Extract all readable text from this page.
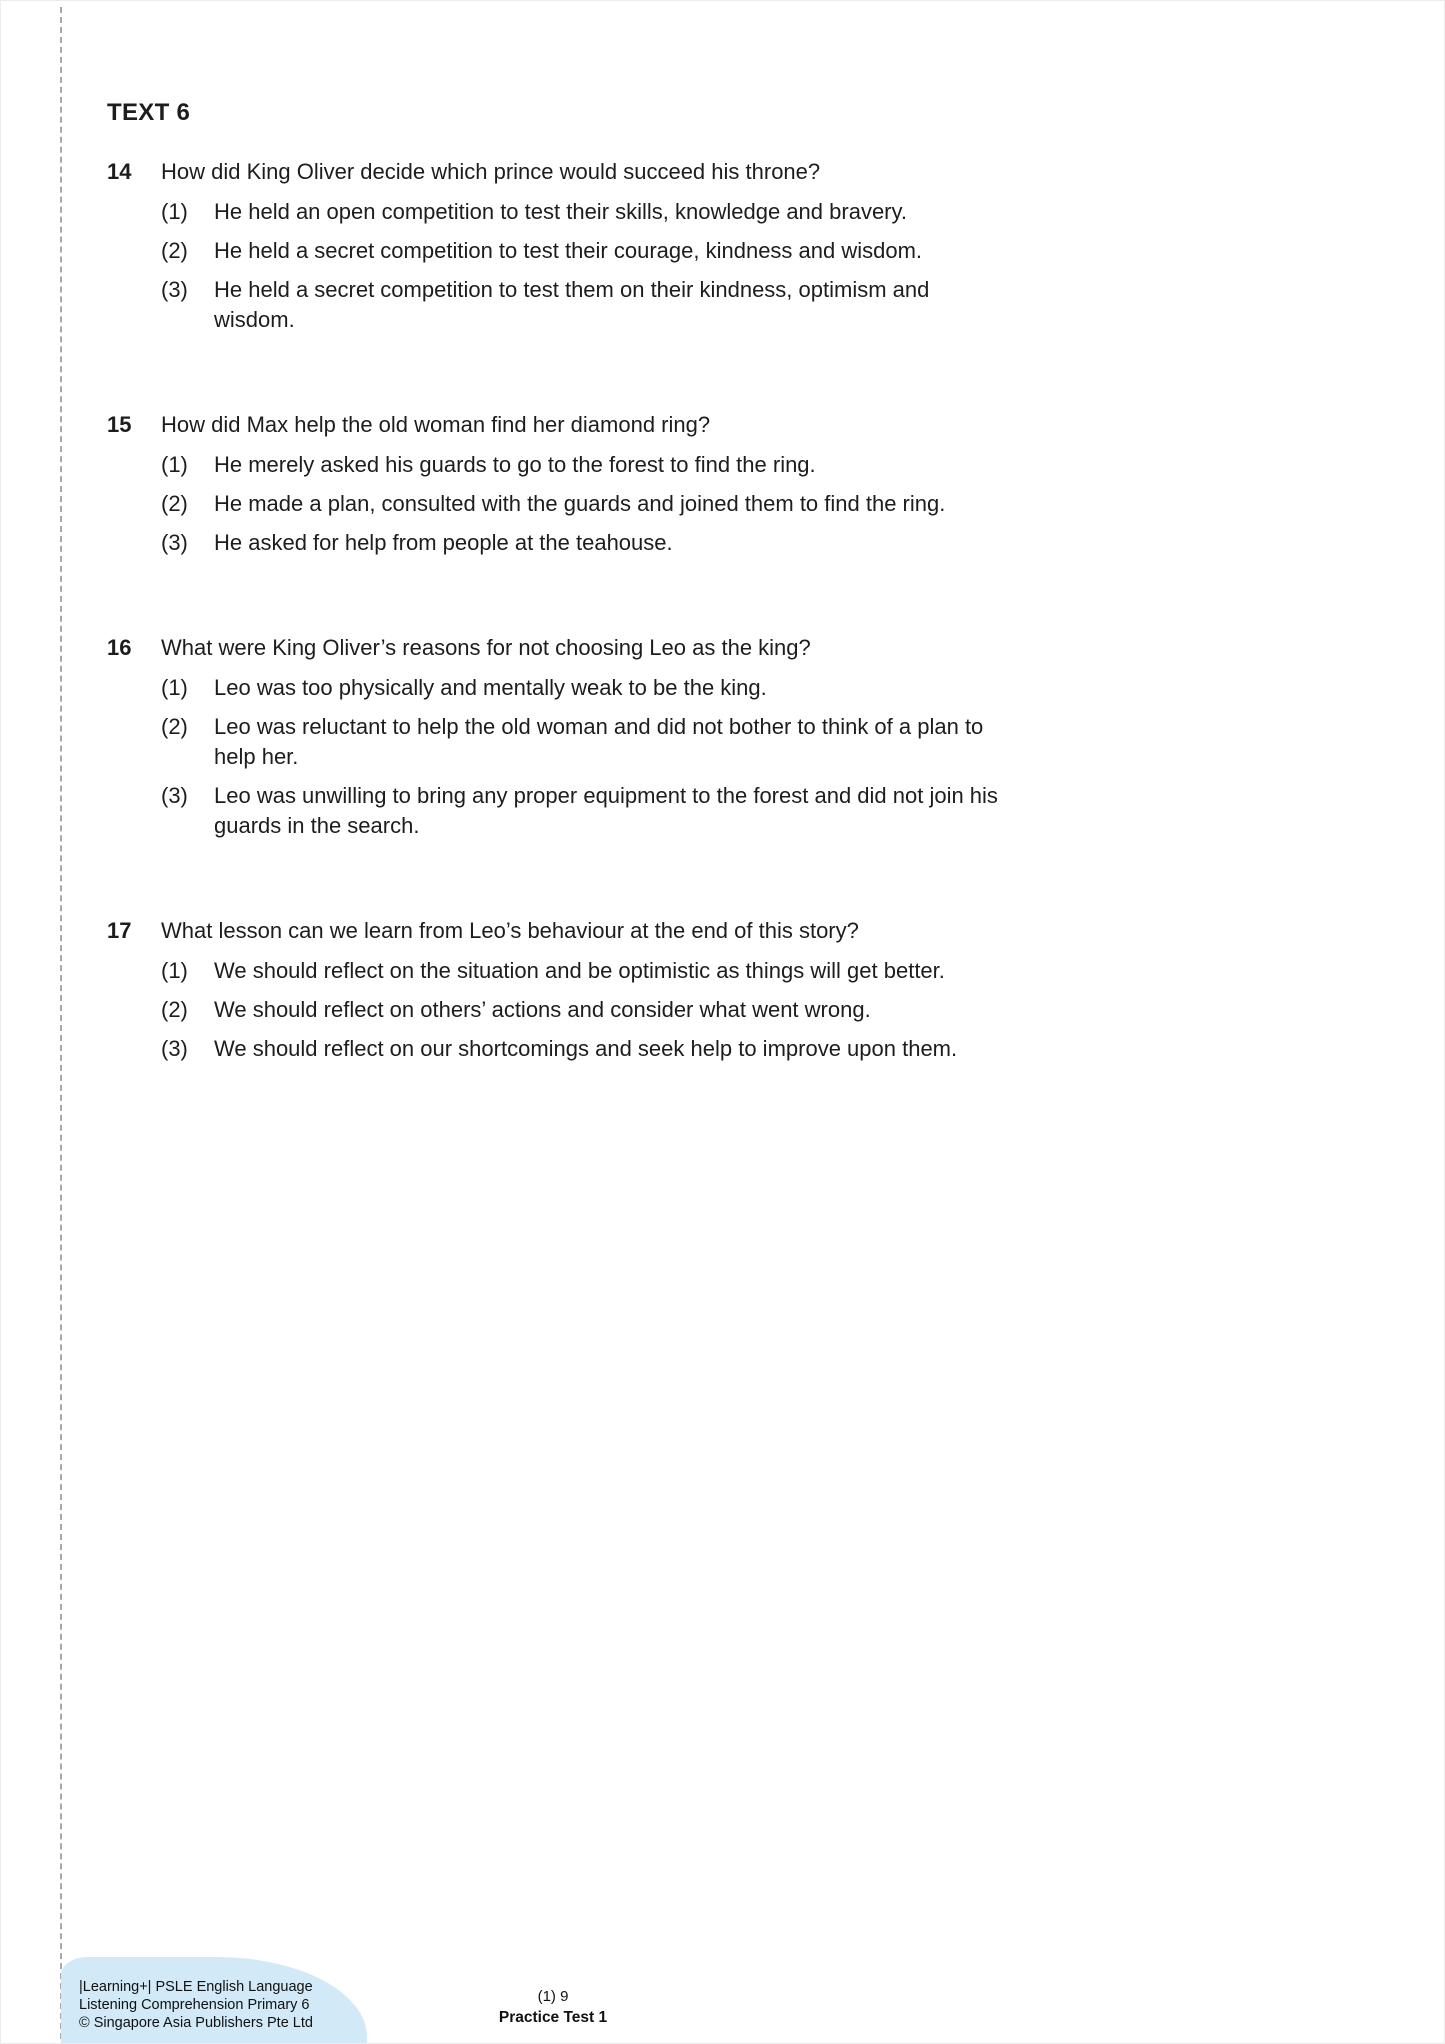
TEXT 6
14	How did King Oliver decide which prince would succeed his throne?
(1)	He held an open competition to test their skills, knowledge and bravery.
(2)	He held a secret competition to test their courage, kindness and wisdom.
(3)	He held a secret competition to test them on their kindness, optimism and wisdom.
15	How did Max help the old woman find her diamond ring?
(1)	He merely asked his guards to go to the forest to find the ring.
(2)	He made a plan, consulted with the guards and joined them to find the ring.
(3)	He asked for help from people at the teahouse.
16	What were King Oliver’s reasons for not choosing Leo as the king?
(1)	Leo was too physically and mentally weak to be the king.
(2)	Leo was reluctant to help the old woman and did not bother to think of a plan to help her.
(3)	Leo was unwilling to bring any proper equipment to the forest and did not join his guards in the search.
17	What lesson can we learn from Leo’s behaviour at the end of this story?
(1)	We should reflect on the situation and be optimistic as things will get better.
(2)	We should reflect on others’ actions and consider what went wrong.
(3)	We should reflect on our shortcomings and seek help to improve upon them.
|Learning+| PSLE English Language
Listening Comprehension Primary 6
© Singapore Asia Publishers Pte Ltd
(1) 9
Practice Test 1
